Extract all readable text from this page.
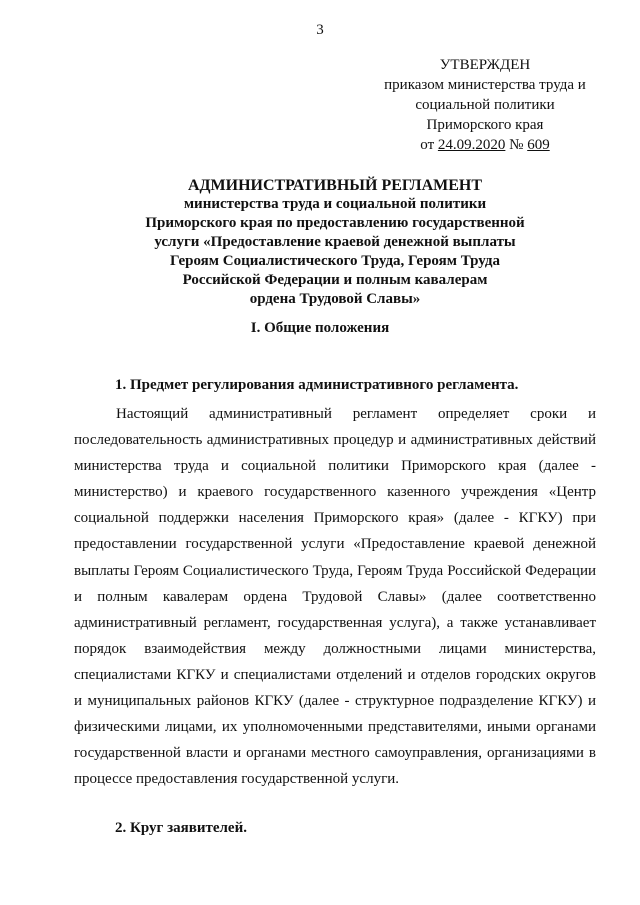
3
УТВЕРЖДЕН
приказом министерства труда и
социальной политики
Приморского края
от 24.09.2020 № 609
АДМИНИСТРАТИВНЫЙ РЕГЛАМЕНТ
министерства труда и социальной политики
Приморского края по предоставлению государственной
услуги «Предоставление краевой денежной выплаты
Героям Социалистического Труда, Героям Труда
Российской Федерации и полным кавалерам
ордена Трудовой Славы»
I. Общие положения
1. Предмет регулирования административного регламента.

Настоящий административный регламент определяет сроки и последовательность административных процедур и административных действий министерства труда и социальной политики Приморского края (далее - министерство) и краевого государственного казенного учреждения «Центр социальной поддержки населения Приморского края» (далее - КГКУ) при предоставлении государственной услуги «Предоставление краевой денежной выплаты Героям Социалистического Труда, Героям Труда Российской Федерации и полным кавалерам ордена Трудовой Славы» (далее соответственно административный регламент, государственная услуга), а также устанавливает порядок взаимодействия между должностными лицами министерства, специалистами КГКУ и специалистами отделений и отделов городских округов и муниципальных районов КГКУ (далее - структурное подразделение КГКУ) и физическими лицами, их уполномоченными представителями, иными органами государственной власти и органами местного самоуправления, организациями в процессе предоставления государственной услуги.

2. Круг заявителей.
